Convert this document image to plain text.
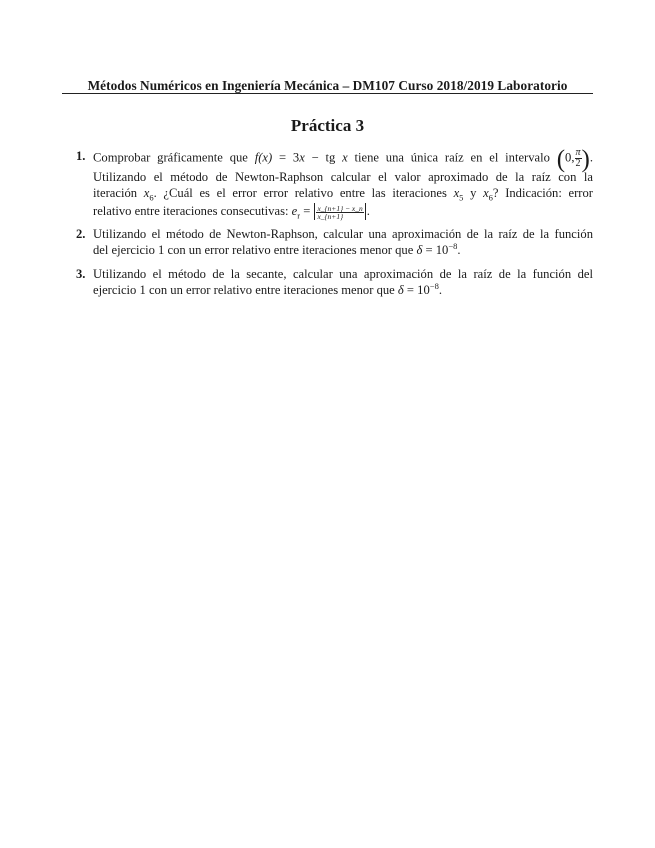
Métodos Numéricos en Ingeniería Mecánica – DM107 Curso 2018/2019 Laboratorio
Práctica 3
1. Comprobar gráficamente que f(x) = 3x − tg x tiene una única raíz en el intervalo (0, $\frac{\pi}{2}$ ).
Utilizando el método de Newton-Raphson calcular el valor aproximado de la raíz con la
iteración $x_6$. ¿Cuál es el error error relativo entre las iteraciones $x_5$ y $x_6$? Indicación: error
relativo entre iteraciones consecutivas: $e_r = \frac{x\_\{n+1\} - x\_n}{x\_\{n+1\}}$ .
2. Utilizando el método de Newton-Raphson, calcular una aproximación de la raíz de la función
del ejercicio 1 con un error relativo entre iteraciones menor que $\delta = 10^{-8}$.
3. Utilizando el método de la secante, calcular una aproximación de la raíz de la función del
ejercicio 1 con un error relativo entre iteraciones menor que $\delta = 10^{-8}$.
